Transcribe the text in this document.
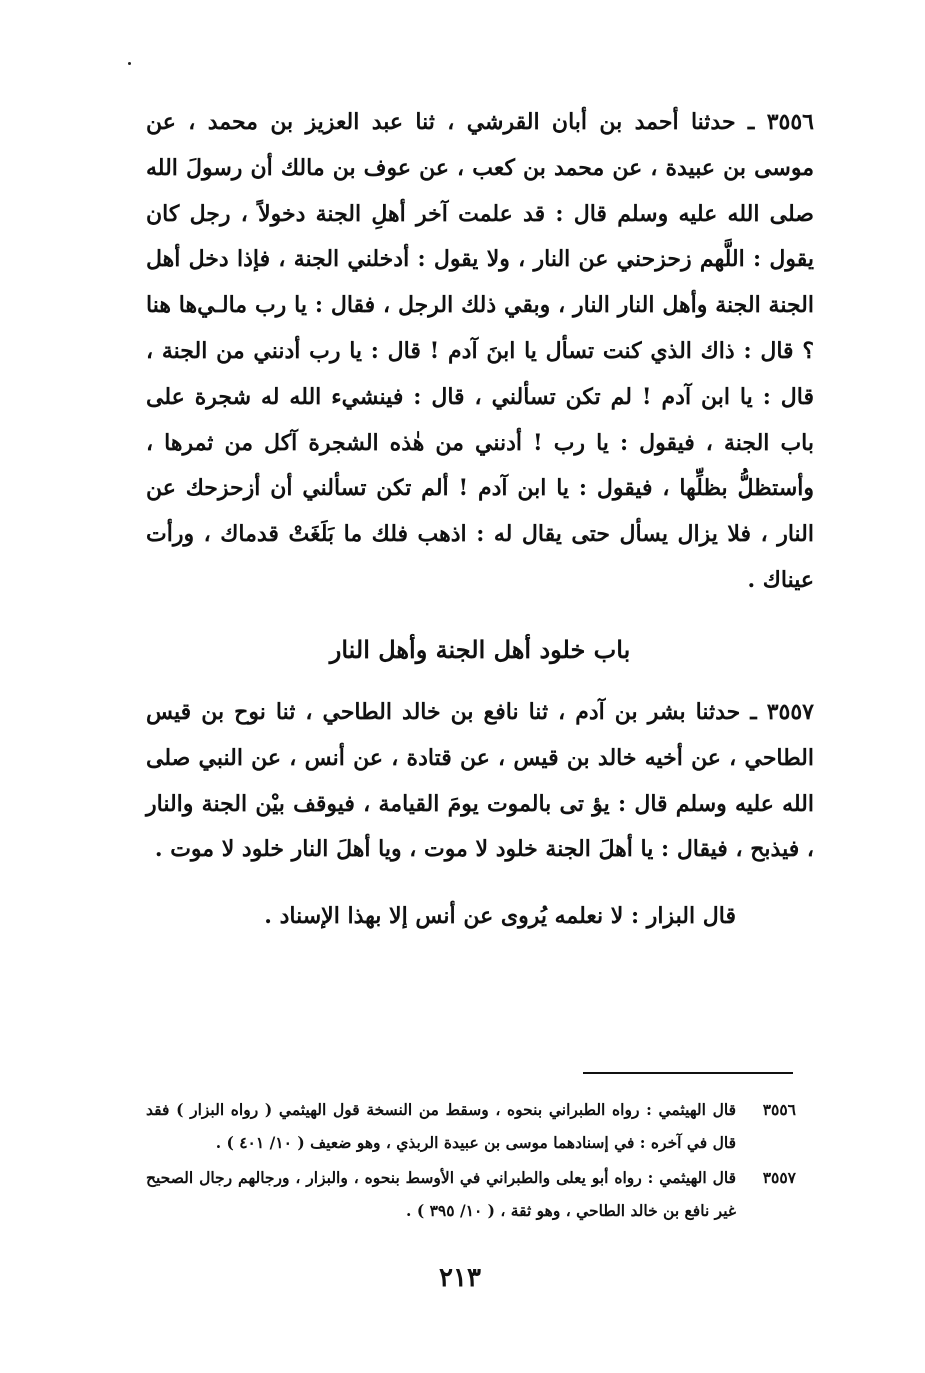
٣٥٥٦ ـ حدثنا أحمد بن أبان القرشي ، ثنا عبد العزيز بن محمد ، عن موسى بن عبيدة ، عن محمد بن كعب ، عن عوف بن مالك أن رسولَ الله صلى الله عليه وسلم قال : قد علمت آخر أهلِ الجنة دخولاً ، رجل كان يقول : اللَّهم زحزحني عن النار ، ولا يقول : أدخلني الجنة ، فإذا دخل أهل الجنة الجنة وأهل النار النار ، وبقي ذلك الرجل ، فقال : يا رب مالـي‌ها هنا ؟ قال : ذاك الذي كنت تسأل يا ابنَ آدم ! قال : يا رب أدنني من الجنة ، قال : يا ابن آدم ! لم تكن تسألني ، قال : فينشيء الله له شجرة على باب الجنة ، فيقول : يا رب ! أدنني من هٰذه الشجرة آكل من ثمرها ، وأستظلُّ بظلِّها ، فيقول : يا ابن آدم ! ألم تكن تسألني أن أزحزحك عن النار ، فلا يزال يسأل حتى يقال له : اذهب فلك ما بَلَغَتْ قدماك ، ورأت عيناك .

باب خلود أهل الجنة وأهل النار

٣٥٥٧ ـ حدثنا بشر بن آدم ، ثنا نافع بن خالد الطاحي ، ثنا نوح بن قيس الطاحي ، عن أخيه خالد بن قيس ، عن قتادة ، عن أنس ، عن النبي صلى الله عليه وسلم قال : يؤ تى بالموت يومَ القيامة ، فيوقف بيْن الجنة والنار ، فيذبح ، فيقال : يا أهلَ الجنة خلود لا موت ، ويا أهلَ النار خلود لا موت .

قال البزار : لا نعلمه يُروى عن أنس إلا بهذا الإسناد .

٣٥٥٦
قال الهيثمي : رواه الطبراني بنحوه ، وسقط من النسخة قول الهيثمي ( رواه البزار ) فقد قال في آخره : في إسنادهما موسى بن عبيدة الربذي ، وهو ضعيف ( ١٠/ ٤٠١ ) .
٣٥٥٧
قال الهيثمي : رواه أبو يعلى والطبراني في الأوسط بنحوه ، والبزار ، ورجالهم رجال الصحيح غير نافع بن خالد الطاحي ، وهو ثقة ، ( ١٠/ ٣٩٥ ) .

٢١٣
